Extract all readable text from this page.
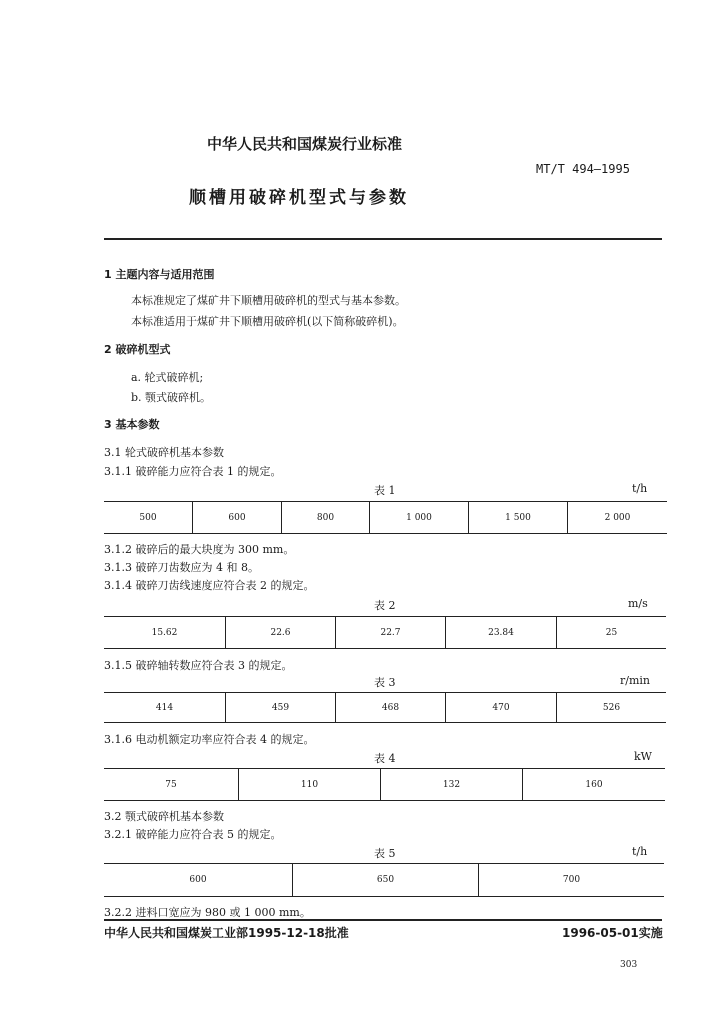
中华人民共和国煤炭行业标准
MT/T 494—1995
顺槽用破碎机型式与参数
1 主题内容与适用范围
本标准规定了煤矿井下顺槽用破碎机的型式与基本参数。
本标准适用于煤矿井下顺槽用破碎机(以下简称破碎机)。
2 破碎机型式
a. 轮式破碎机;
b. 颚式破碎机。
3 基本参数
3.1 轮式破碎机基本参数
3.1.1 破碎能力应符合表 1 的规定。
表 1	t/h
500	600	800	1 000	1 500	2 000
3.1.2 破碎后的最大块度为 300 mm。
3.1.3 破碎刀齿数应为 4 和 8。
3.1.4 破碎刀齿线速度应符合表 2 的规定。
表 2	m/s
15.62	22.6	22.7	23.84	25
3.1.5 破碎轴转数应符合表 3 的规定。
表 3	r/min
414	459	468	470	526
3.1.6 电动机额定功率应符合表 4 的规定。
表 4	kW
75	110	132	160
3.2 颚式破碎机基本参数
3.2.1 破碎能力应符合表 5 的规定。
表 5	t/h
600	650	700
3.2.2 进料口宽应为 980 或 1 000 mm。
中华人民共和国煤炭工业部1995-12-18批准	1996-05-01实施
303
